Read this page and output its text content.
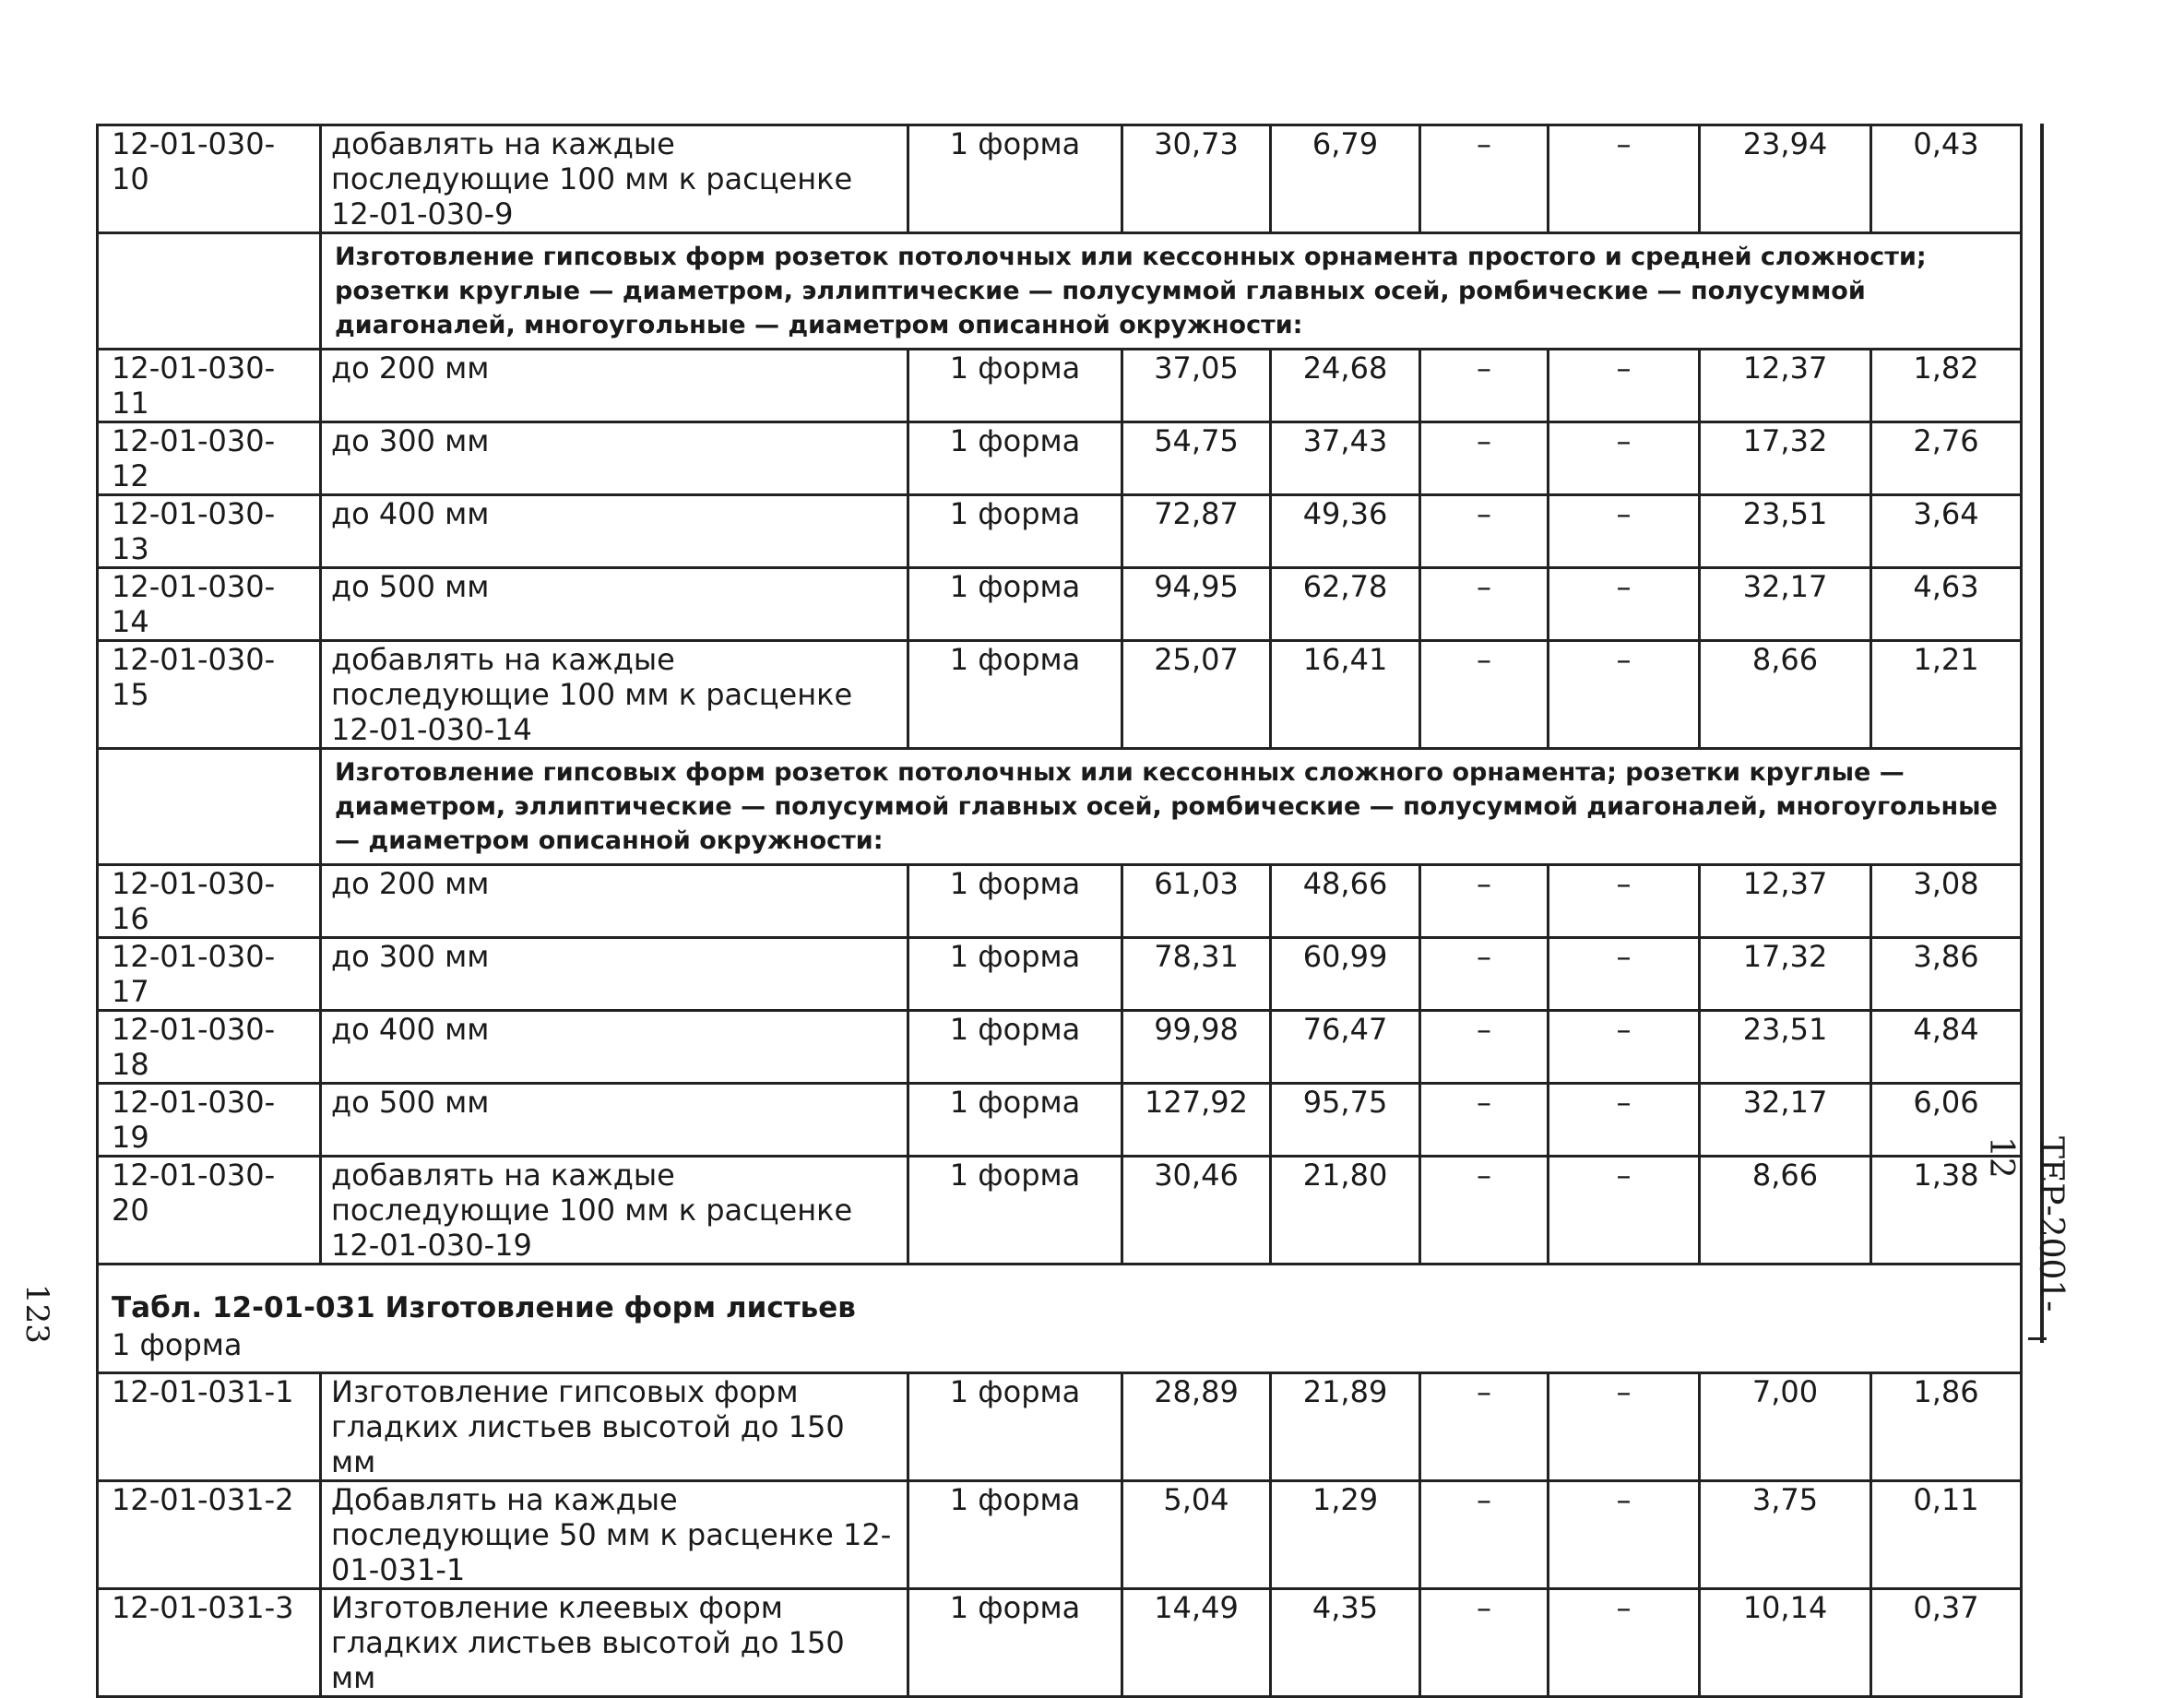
12-01-030-10	добавлять на каждые последующие 100 мм к расценке 12-01-030-9	1 форма	30,73	6,79	–	–	23,94	0,43
	Изготовление гипсовых форм розеток потолочных или кессонных орнамента простого и средней сложности; розетки круглые — диаметром, эллиптические — полусуммой главных осей, ромбические — полусуммой диагоналей, многоугольные — диаметром описанной окружности:							
12-01-030-11	до 200 мм	1 форма	37,05	24,68	–	–	12,37	1,82
12-01-030-12	до 300 мм	1 форма	54,75	37,43	–	–	17,32	2,76
12-01-030-13	до 400 мм	1 форма	72,87	49,36	–	–	23,51	3,64
12-01-030-14	до 500 мм	1 форма	94,95	62,78	–	–	32,17	4,63
12-01-030-15	добавлять на каждые последующие 100 мм к расценке 12-01-030-14	1 форма	25,07	16,41	–	–	8,66	1,21
	Изготовление гипсовых форм розеток потолочных или кессонных сложного орнамента; розетки круглые — диаметром, эллиптические — полусуммой главных осей, ромбические — полусуммой диагоналей, многоугольные — диаметром описанной окружности:							
12-01-030-16	до 200 мм	1 форма	61,03	48,66	–	–	12,37	3,08
12-01-030-17	до 300 мм	1 форма	78,31	60,99	–	–	17,32	3,86
12-01-030-18	до 400 мм	1 форма	99,98	76,47	–	–	23,51	4,84
12-01-030-19	до 500 мм	1 форма	127,92	95,75	–	–	32,17	6,06
12-01-030-20	добавлять на каждые последующие 100 мм к расценке 12-01-030-19	1 форма	30,46	21,80	–	–	8,66	1,38

Табл. 12-01-031 Изготовление форм листьев
1 форма								

12-01-031-1	Изготовление гипсовых форм гладких листьев высотой до 150 мм	1 форма	28,89	21,89	–	–	7,00	1,86
12-01-031-2	Добавлять на каждые последующие 50 мм к расценке 12-01-031-1	1 форма	5,04	1,29	–	–	3,75	0,11
12-01-031-3	Изготовление клеевых форм гладких листьев высотой до 150 мм	1 форма	14,49	4,35	–	–	10,14	0,37
ТЕР-2001-12
123
